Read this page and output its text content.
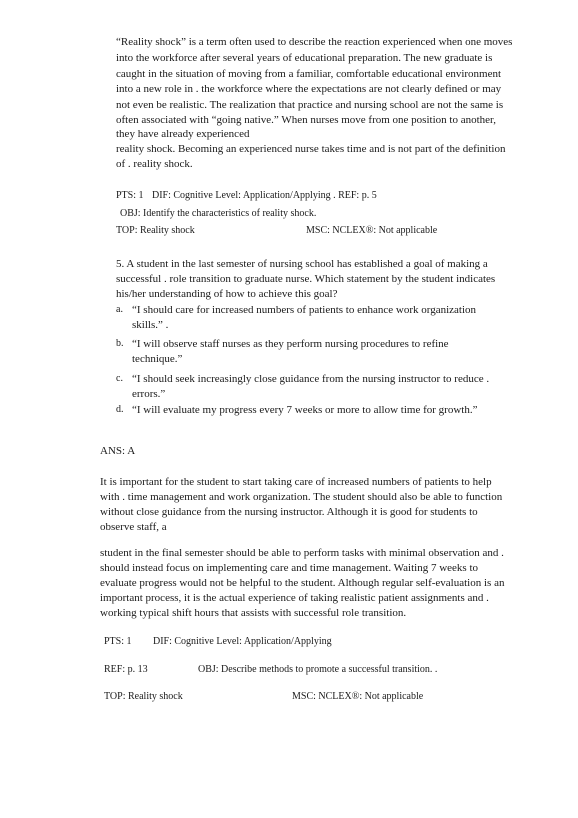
“Reality shock” is a term often used to describe the reaction experienced when one moves
into the workforce after several years of educational preparation. The new graduate is
caught in the situation of moving from a familiar, comfortable educational environment
into a new role in . the workforce where the expectations are not clearly defined or may
not even be realistic. The realization that practice and nursing school are not the same is
often associated with “going native.” When nurses move from one position to another,
they have already experienced
reality shock. Becoming an experienced nurse takes time and is not part of the definition
of . reality shock.
PTS: 1 DIF: Cognitive Level: Application/Applying . REF: p. 5
OBJ: Identify the characteristics of reality shock.
TOP: Reality shock	MSC: NCLEX®: Not applicable
5. A student in the last semester of nursing school has established a goal of making a
successful . role transition to graduate nurse. Which statement by the student indicates
his/her understanding of how to achieve this goal?
a. “I should care for increased numbers of patients to enhance work organization
skills.” .
b. “I will observe staff nurses as they perform nursing procedures to refine
technique.”
c. “I should seek increasingly close guidance from the nursing instructor to reduce .
errors.”
d. “I will evaluate my progress every 7 weeks or more to allow time for growth.”
ANS: A
It is important for the student to start taking care of increased numbers of patients to help
with . time management and work organization. The student should also be able to function
without close guidance from the nursing instructor. Although it is good for students to
observe staff, a
student in the final semester should be able to perform tasks with minimal observation and .
should instead focus on implementing care and time management. Waiting 7 weeks to
evaluate progress would not be helpful to the student. Although regular self-evaluation is an
important process, it is the actual experience of taking realistic patient assignments and .
working typical shift hours that assists with successful role transition.
PTS: 1 DIF: Cognitive Level: Application/Applying
REF: p. 13	OBJ: Describe methods to promote a successful transition. .
TOP: Reality shock	MSC: NCLEX®: Not applicable
